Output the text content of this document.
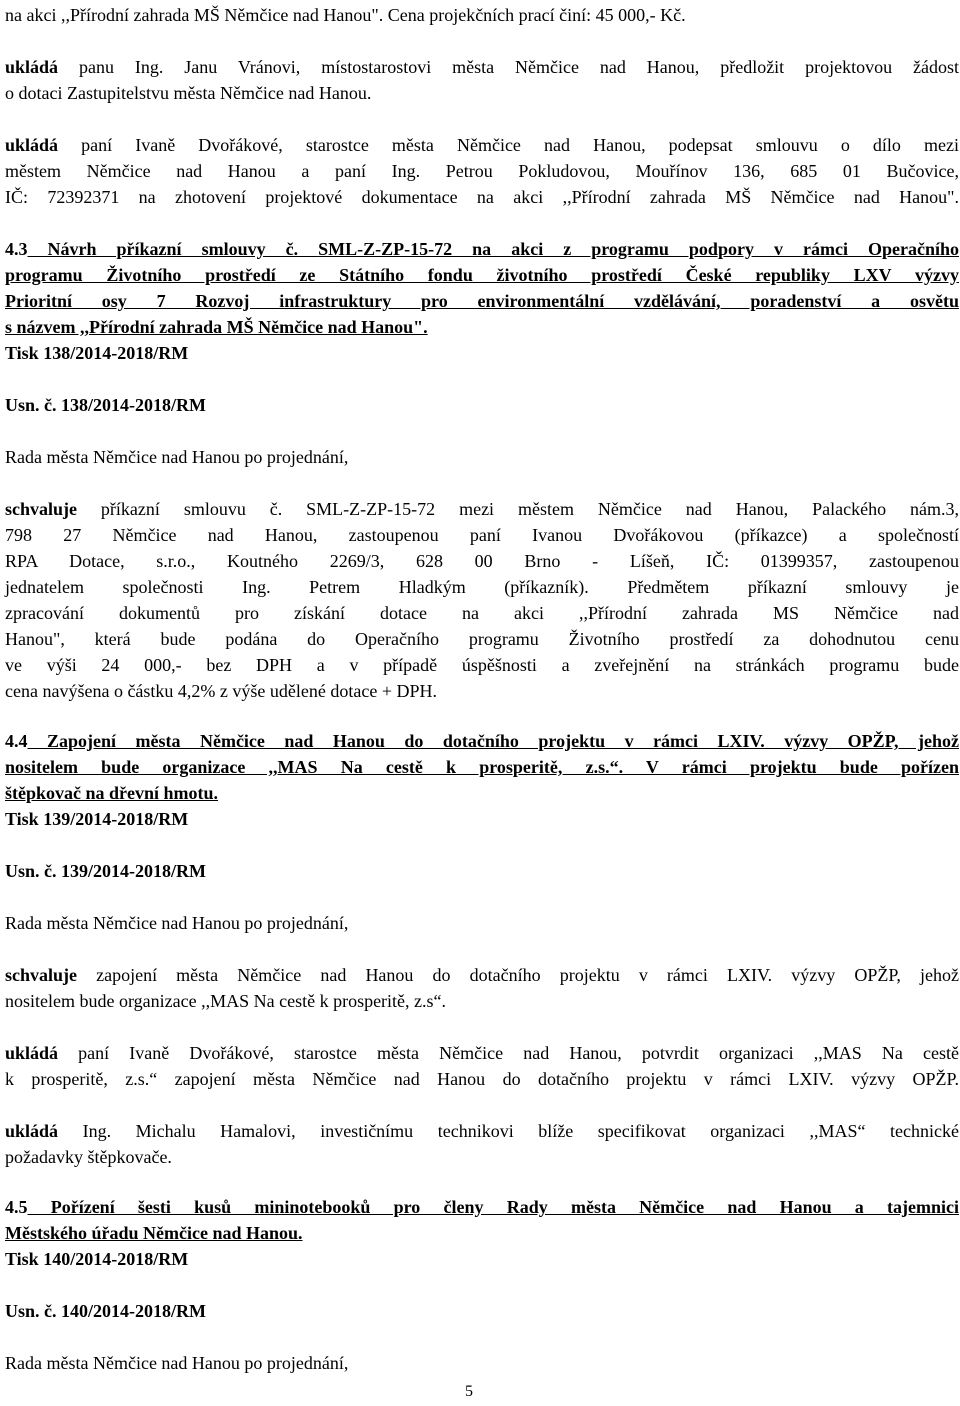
na akci ,,Přírodní zahrada MŠ Němčice nad Hanou". Cena projekčních prací činí: 45 000,- Kč.
ukládá panu Ing. Janu Vránovi, místostarostovi města Němčice nad Hanou, předložit projektovou žádost
o dotaci Zastupitelstvu města Němčice nad Hanou.
ukládá paní Ivaně Dvořákové, starostce města Němčice nad Hanou, podepsat smlouvu o dílo mezi
městem Němčice nad Hanou a paní Ing. Petrou Pokludovou, Mouřínov 136, 685 01 Bučovice,
IČ: 72392371 na zhotovení projektové dokumentace na akci ,,Přírodní zahrada MŠ Němčice nad Hanou".
4.3 Návrh příkazní smlouvy č. SML-Z-ZP-15-72 na akci z programu podpory v rámci Operačního
programu Životního prostředí ze Státního fondu životního prostředí České republiky LXV výzvy
Prioritní osy 7 Rozvoj infrastruktury pro environmentální vzdělávání, poradenství a osvětu
s názvem ,,Přírodní zahrada MŠ Němčice nad Hanou".
Tisk 138/2014-2018/RM
Usn. č. 138/2014-2018/RM
Rada města Němčice nad Hanou po projednání,
schvaluje příkazní smlouvu č. SML-Z-ZP-15-72 mezi městem Němčice nad Hanou, Palackého nám.3,
798 27 Němčice nad Hanou, zastoupenou paní Ivanou Dvořákovou (příkazce) a společností
RPA Dotace, s.r.o., Koutného 2269/3, 628 00 Brno - Líšeň, IČ: 01399357, zastoupenou
jednatelem společnosti Ing. Petrem Hladkým (příkazník). Předmětem příkazní smlouvy je
zpracování dokumentů pro získání dotace na akci ,,Přírodní zahrada MS Němčice nad
Hanou", která bude podána do Operačního programu Životního prostředí za dohodnutou cenu
ve výši 24 000,- bez DPH a v případě úspěšnosti a zveřejnění na stránkách programu bude
cena navýšena o částku 4,2% z výše udělené dotace + DPH.
4.4 Zapojení města Němčice nad Hanou do dotačního projektu v rámci LXIV. výzvy OPŽP, jehož
nositelem bude organizace ,,MAS Na cestě k prosperitě, z.s.“. V rámci projektu bude pořízen
štěpkovač na dřevní hmotu.
Tisk 139/2014-2018/RM
Usn. č. 139/2014-2018/RM
Rada města Němčice nad Hanou po projednání,
schvaluje zapojení města Němčice nad Hanou do dotačního projektu v rámci LXIV. výzvy OPŽP, jehož
nositelem bude organizace ,,MAS Na cestě k prosperitě, z.s“.
ukládá paní Ivaně Dvořákové, starostce města Němčice nad Hanou, potvrdit organizaci ,,MAS Na cestě
k prosperitě, z.s.“ zapojení města Němčice nad Hanou do dotačního projektu v rámci LXIV. výzvy OPŽP.
ukládá Ing. Michalu Hamalovi, investičnímu technikovi blíže specifikovat organizaci ,,MAS“ technické
požadavky štěpkovače.
4.5 Pořízení šesti kusů mininotebooků pro členy Rady města Němčice nad Hanou a tajemnici
Městského úřadu Němčice nad Hanou.
Tisk 140/2014-2018/RM
Usn. č. 140/2014-2018/RM
Rada města Němčice nad Hanou po projednání,
5
